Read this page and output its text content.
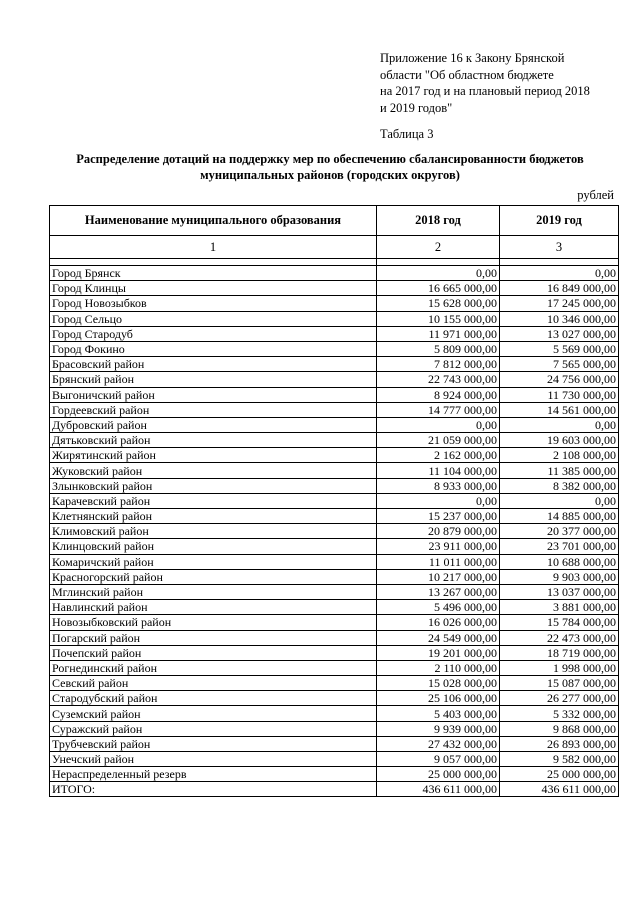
Приложение 16 к Закону Брянской
области "Об областном бюджете
на 2017 год и на плановый период 2018
и 2019 годов"
Таблица 3
Распределение дотаций на поддержку мер по обеспечению сбалансированности бюджетов
муниципальных районов (городских округов)
рублей
Наименование муниципального образования	2018 год	2019 год
1	2	3

Город Брянск	0,00	0,00
Город Клинцы	16 665 000,00	16 849 000,00
Город Новозыбков	15 628 000,00	17 245 000,00
Город Сельцо	10 155 000,00	10 346 000,00
Город Стародуб	11 971 000,00	13 027 000,00
Город Фокино	5 809 000,00	5 569 000,00
Брасовский район	7 812 000,00	7 565 000,00
Брянский район	22 743 000,00	24 756 000,00
Выгоничский район	8 924 000,00	11 730 000,00
Гордеевский район	14 777 000,00	14 561 000,00
Дубровский район	0,00	0,00
Дятьковский район	21 059 000,00	19 603 000,00
Жирятинский район	2 162 000,00	2 108 000,00
Жуковский район	11 104 000,00	11 385 000,00
Злынковский район	8 933 000,00	8 382 000,00
Карачевский район	0,00	0,00
Клетнянский район	15 237 000,00	14 885 000,00
Климовский район	20 879 000,00	20 377 000,00
Клинцовский район	23 911 000,00	23 701 000,00
Комаричский район	11 011 000,00	10 688 000,00
Красногорский район	10 217 000,00	9 903 000,00
Мглинский район	13 267 000,00	13 037 000,00
Навлинский район	5 496 000,00	3 881 000,00
Новозыбковский район	16 026 000,00	15 784 000,00
Погарский район	24 549 000,00	22 473 000,00
Почепский район	19 201 000,00	18 719 000,00
Рогнединский район	2 110 000,00	1 998 000,00
Севский район	15 028 000,00	15 087 000,00
Стародубский район	25 106 000,00	26 277 000,00
Суземский район	5 403 000,00	5 332 000,00
Суражский район	9 939 000,00	9 868 000,00
Трубчевский район	27 432 000,00	26 893 000,00
Унечский район	9 057 000,00	9 582 000,00
Нераспределенный резерв	25 000 000,00	25 000 000,00
ИТОГО:	436 611 000,00	436 611 000,00
